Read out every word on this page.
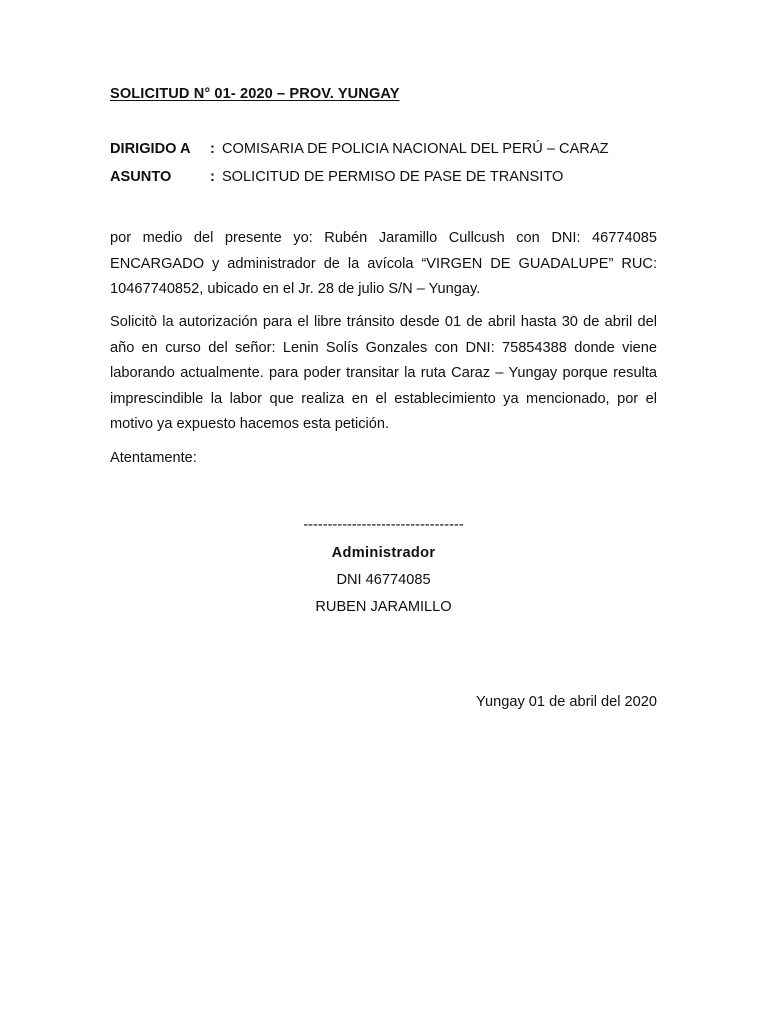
SOLICITUD N° 01- 2020 – PROV. YUNGAY
DIRIGIDO A : COMISARIA DE POLICIA NACIONAL DEL PERÚ – CARAZ
ASUNTO	: SOLICITUD DE PERMISO DE PASE DE TRANSITO

por medio del presente yo: Rubén Jaramillo Cullcush con DNI: 46774085 ENCARGADO y administrador de la avícola “VIRGEN DE GUADALUPE” RUC: 10467740852, ubicado en el Jr. 28 de julio S/N – Yungay.

Solicitò la autorización para el libre tránsito desde 01 de abril hasta 30 de abril del año en curso del señor: Lenin Solís Gonzales con DNI: 75854388 donde viene laborando actualmente. para poder transitar la ruta Caraz – Yungay porque resulta imprescindible la labor que realiza en el establecimiento ya mencionado, por el motivo ya expuesto hacemos esta petición.

Atentamente:
---------------------------------
Administrador
DNI 46774085
RUBEN JARAMILLO
Yungay 01 de abril del 2020
